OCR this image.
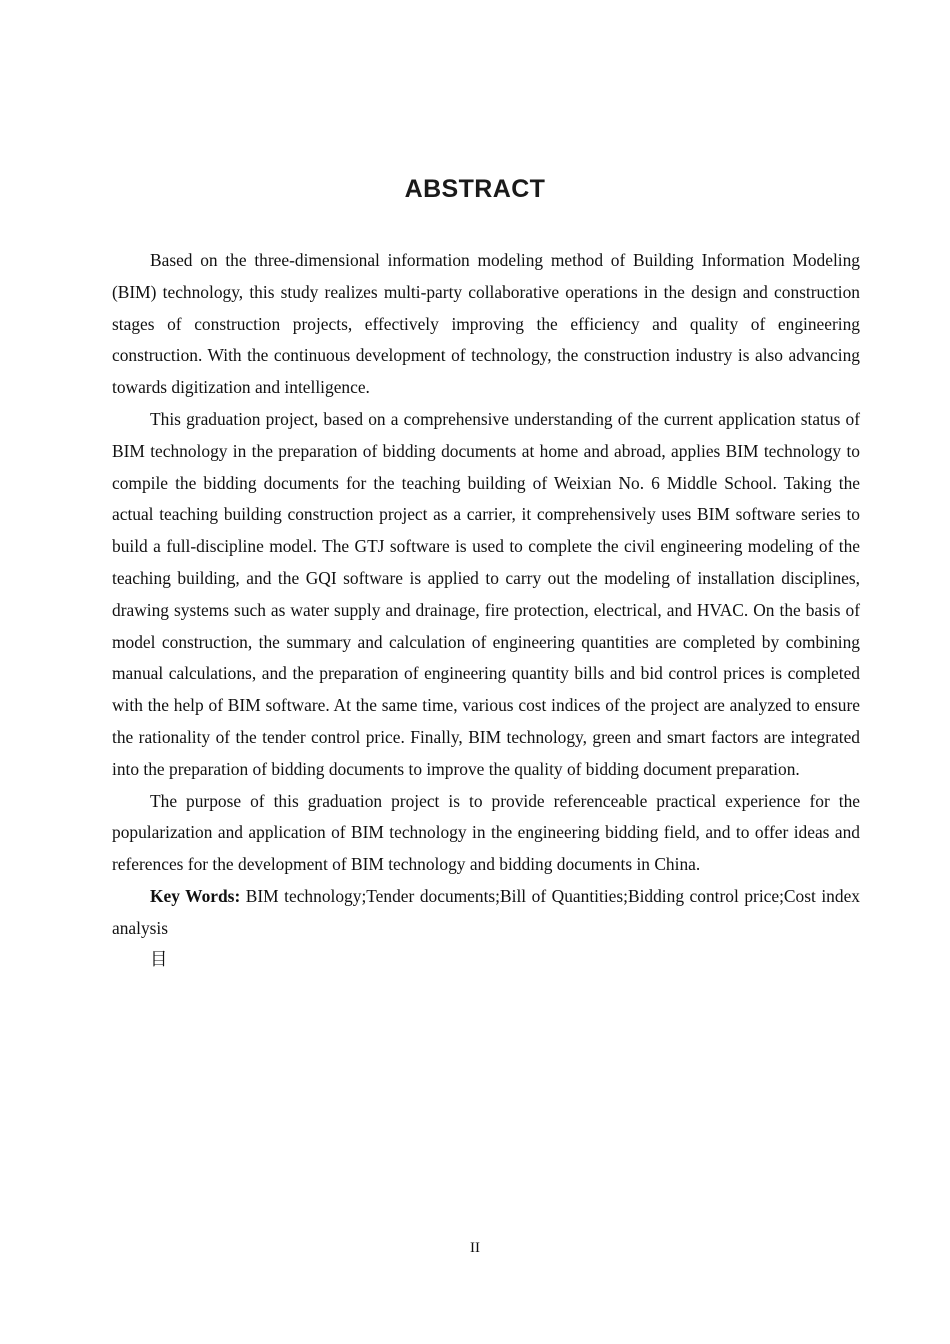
ABSTRACT

Based on the three-dimensional information modeling method of Building Information Modeling (BIM) technology, this study realizes multi-party collaborative operations in the design and construction stages of construction projects, effectively improving the efficiency and quality of engineering construction. With the continuous development of technology, the construction industry is also advancing towards digitization and intelligence.

This graduation project, based on a comprehensive understanding of the current application status of BIM technology in the preparation of bidding documents at home and abroad, applies BIM technology to compile the bidding documents for the teaching building of Weixian No. 6 Middle School. Taking the actual teaching building construction project as a carrier, it comprehensively uses BIM software series to build a full-discipline model. The GTJ software is used to complete the civil engineering modeling of the teaching building, and the GQI software is applied to carry out the modeling of installation disciplines, drawing systems such as water supply and drainage, fire protection, electrical, and HVAC. On the basis of model construction, the summary and calculation of engineering quantities are completed by combining manual calculations, and the preparation of engineering quantity bills and bid control prices is completed with the help of BIM software. At the same time, various cost indices of the project are analyzed to ensure the rationality of the tender control price. Finally, BIM technology, green and smart factors are integrated into the preparation of bidding documents to improve the quality of bidding document preparation.

The purpose of this graduation project is to provide referenceable practical experience for the popularization and application of BIM technology in the engineering bidding field, and to offer ideas and references for the development of BIM technology and bidding documents in China.

Key Words: BIM technology;Tender documents;Bill of Quantities;Bidding control price;Cost index analysis

目

II
